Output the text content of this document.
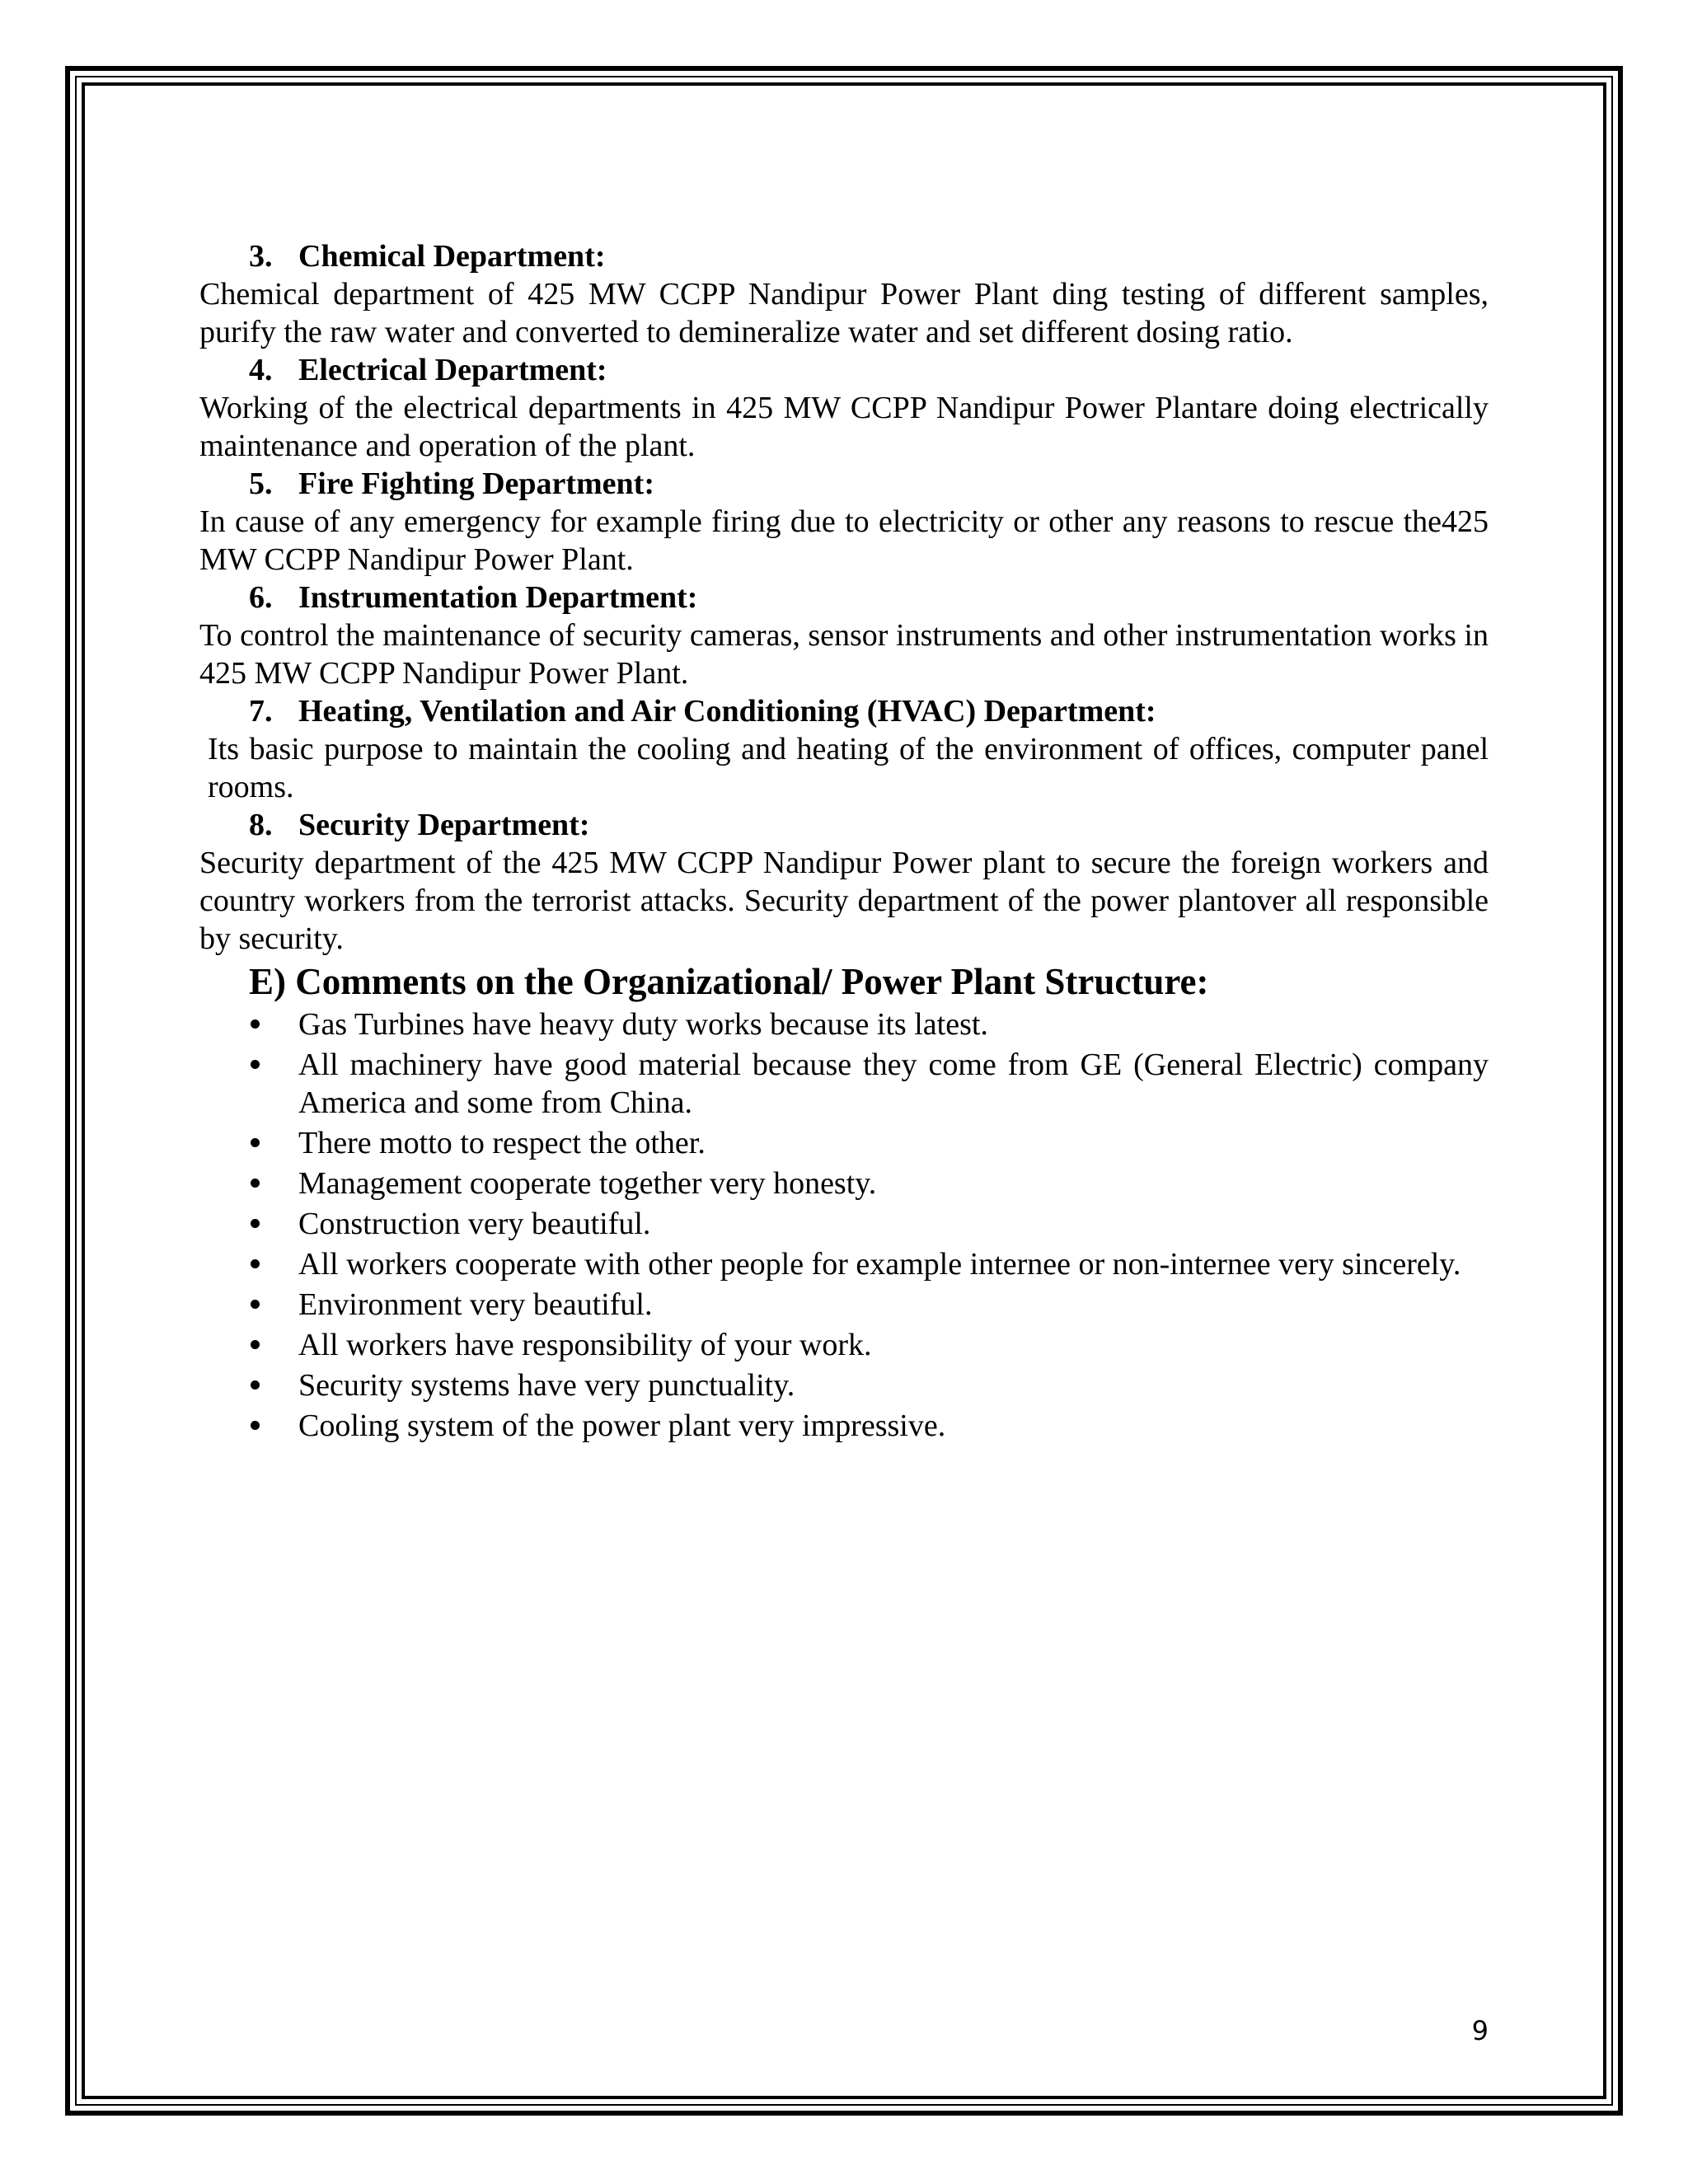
3. Chemical Department:

Chemical department of 425 MW CCPP Nandipur Power Plant ding testing of different samples, purify the raw water and converted to demineralize water and set different dosing ratio.

4. Electrical Department:

Working of the electrical departments in 425 MW CCPP Nandipur Power Plantare doing electrically maintenance and operation of the plant.

5. Fire Fighting Department:

In cause of any emergency for example firing due to electricity or other any reasons to rescue the425 MW CCPP Nandipur Power Plant.

6. Instrumentation Department:

To control the maintenance of security cameras, sensor instruments and other instrumentation works in 425 MW CCPP Nandipur Power Plant.

7. Heating, Ventilation and Air Conditioning (HVAC) Department:

Its basic purpose to maintain the cooling and heating of the environment of offices, computer panel rooms.

8. Security Department:

Security department of the 425 MW CCPP Nandipur Power plant to secure the foreign workers and country workers from the terrorist attacks. Security department of the power plantover all responsible by security.

E) Comments on the Organizational/ Power Plant Structure:
Gas Turbines have heavy duty works because its latest.
All machinery have good material because they come from GE (General Electric) company America and some from China.
There motto to respect the other.
Management cooperate together very honesty.
Construction very beautiful.
All workers cooperate with other people for example internee or non-internee very sincerely.
Environment very beautiful.
All workers have responsibility of your work.
Security systems have very punctuality.
Cooling system of the power plant very impressive.
9
